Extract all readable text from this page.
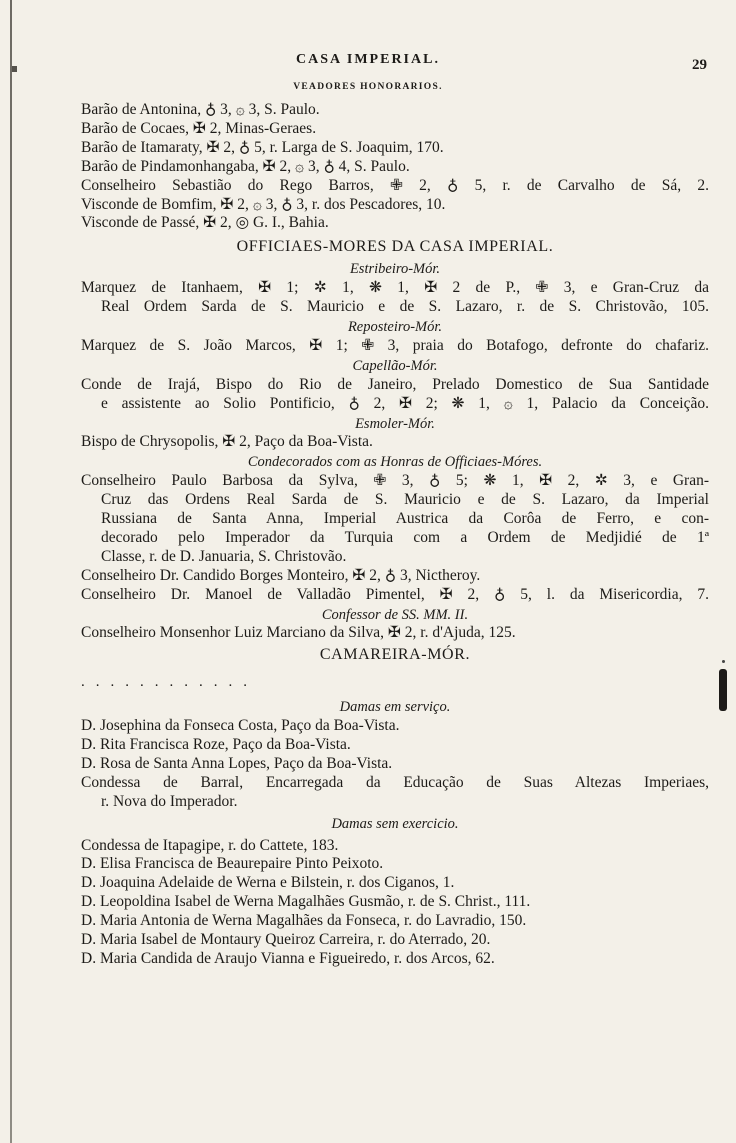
CASA IMPERIAL.	29
VEADORES HONORARIOS.
Barão de Antonina, ♁ 3, ۞ 3, S. Paulo.
Barão de Cocaes, ✠ 2, Minas-Geraes.
Barão de Itamaraty, ✠ 2, ♁ 5, r. Larga de S. Joaquim, 170.
Barão de Pindamonhangaba, ✠ 2, ۞ 3, ♁ 4, S. Paulo.
Conselheiro Sebastião do Rego Barros, ✙ 2, ♁ 5, r. de Carvalho de Sá, 2.
Visconde de Bomfim, ✠ 2, ۞ 3, ♁ 3, r. dos Pescadores, 10.
Visconde de Passé, ✠ 2, ◎ G. I., Bahia.
OFFICIAES-MORES DA CASA IMPERIAL.
Estribeiro-Mór.
Marquez de Itanhaem, ✠ 1; ✲ 1, ❋ 1, ✠ 2 de P., ✙ 3, e Gran-Cruz da
Real Ordem Sarda de S. Mauricio e de S. Lazaro, r. de S. Christovão, 105.
Reposteiro-Mór.
Marquez de S. João Marcos, ✠ 1; ✙ 3, praia do Botafogo, defronte do chafariz.
Capellão-Mór.
Conde de Irajá, Bispo do Rio de Janeiro, Prelado Domestico de Sua Santidade
e assistente ao Solio Pontificio, ♁ 2, ✠ 2; ❋ 1, ۞ 1, Palacio da Conceição.
Esmoler-Mór.
Bispo de Chrysopolis, ✠ 2, Paço da Boa-Vista.
Condecorados com as Honras de Officiaes-Móres.
Conselheiro Paulo Barbosa da Sylva, ✙ 3, ♁ 5; ❋ 1, ✠ 2, ✲ 3, e Gran-
Cruz das Ordens Real Sarda de S. Mauricio e de S. Lazaro, da Imperial
Russiana de Santa Anna, Imperial Austrica da Corôa de Ferro, e con-
decorado pelo Imperador da Turquia com a Ordem de Medjidié de 1ª
Classe, r. de D. Januaria, S. Christovão.
Conselheiro Dr. Candido Borges Monteiro, ✠ 2, ♁ 3, Nictheroy.
Conselheiro Dr. Manoel de Valladão Pimentel, ✠ 2, ♁ 5, l. da Misericordia, 7.
Confessor de SS. MM. II.
Conselheiro Monsenhor Luiz Marciano da Silva, ✠ 2, r. d'Ajuda, 125.
CAMAREIRA-MÓR.
............
Damas em serviço.
D. Josephina da Fonseca Costa, Paço da Boa-Vista.
D. Rita Francisca Roze, Paço da Boa-Vista.
D. Rosa de Santa Anna Lopes, Paço da Boa-Vista.
Condessa de Barral, Encarregada da Educação de Suas Altezas Imperiaes,
r. Nova do Imperador.
Damas sem exercicio.
Condessa de Itapagipe, r. do Cattete, 183.
D. Elisa Francisca de Beaurepaire Pinto Peixoto.
D. Joaquina Adelaide de Werna e Bilstein, r. dos Ciganos, 1.
D. Leopoldina Isabel de Werna Magalhães Gusmão, r. de S. Christ., 111.
D. Maria Antonia de Werna Magalhães da Fonseca, r. do Lavradio, 150.
D. Maria Isabel de Montaury Queiroz Carreira, r. do Aterrado, 20.
D. Maria Candida de Araujo Vianna e Figueiredo, r. dos Arcos, 62.
